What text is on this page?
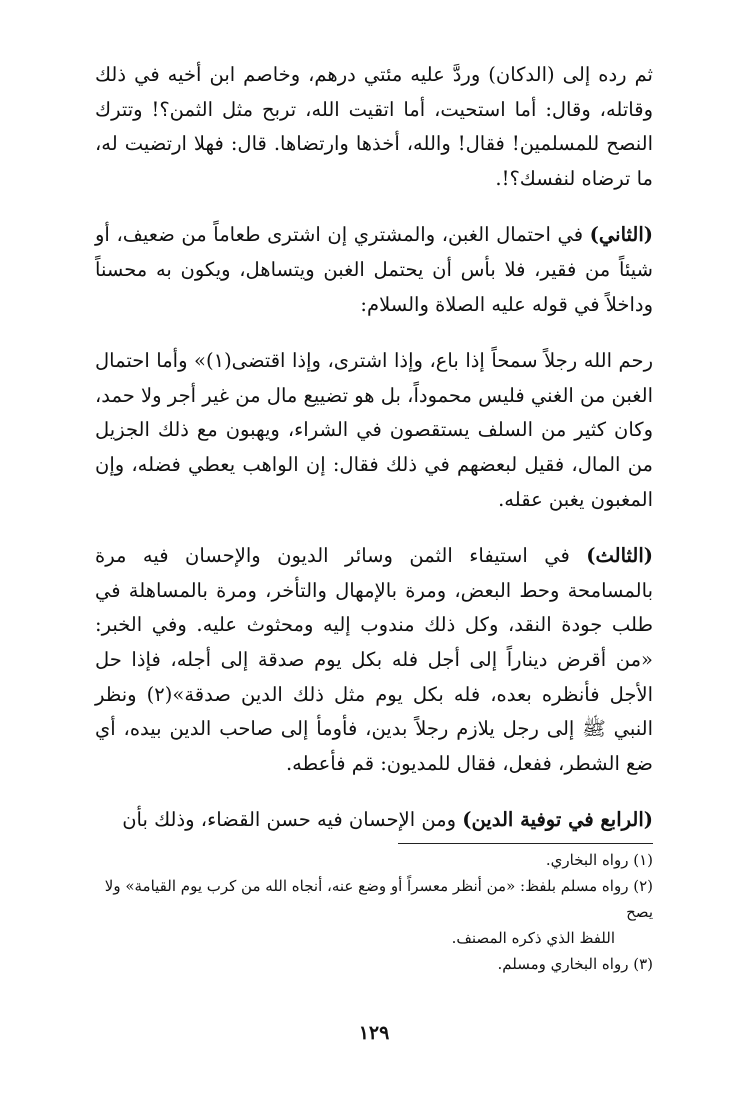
ثم رده إلى (الدكان) وردَّ عليه مئتي درهم، وخاصم ابن أخيه في ذلك وقاتله، وقال: أما استحيت، أما اتقيت الله، تربح مثل الثمن؟! وتترك النصح للمسلمين! فقال! والله، أخذها وارتضاها. قال: فهلا ارتضيت له، ما ترضاه لنفسك؟!.

(الثاني) في احتمال الغبن، والمشتري إن اشترى طعاماً من ضعيف، أو شيئاً من فقير، فلا بأس أن يحتمل الغبن ويتساهل، ويكون به محسناً وداخلاً في قوله عليه الصلاة والسلام:

رحم الله رجلاً سمحاً إذا باع، وإذا اشترى، وإذا اقتضى(١)» وأما احتمال الغبن من الغني فليس محموداً، بل هو تضييع مال من غير أجر ولا حمد، وكان كثير من السلف يستقصون في الشراء، ويهبون مع ذلك الجزيل من المال، فقيل لبعضهم في ذلك فقال: إن الواهب يعطي فضله، وإن المغبون يغبن عقله.

(الثالث) في استيفاء الثمن وسائر الديون والإحسان فيه مرة بالمسامحة وحط البعض، ومرة بالإمهال والتأخر، ومرة بالمساهلة في طلب جودة النقد، وكل ذلك مندوب إليه ومحثوث عليه. وفي الخبر: «من أقرض ديناراً إلى أجل فله بكل يوم صدقة إلى أجله، فإذا حل الأجل فأنظره بعده، فله بكل يوم مثل ذلك الدين صدقة»(٢) ونظر النبي ﷺ إلى رجل يلازم رجلاً بدين، فأومأ إلى صاحب الدين بيده، أي ضع الشطر، ففعل، فقال للمديون: قم فأعطه.

(الرابع في توفية الدين) ومن الإحسان فيه حسن القضاء، وذلك بأن

(١) رواه البخاري.

(٢) رواه مسلم بلفظ: «من أنظر معسراً أو وضع عنه، أنجاه الله من كرب يوم القيامة» ولا يصح

اللفظ الذي ذكره المصنف.

(٣) رواه البخاري ومسلم.

١٢٩
